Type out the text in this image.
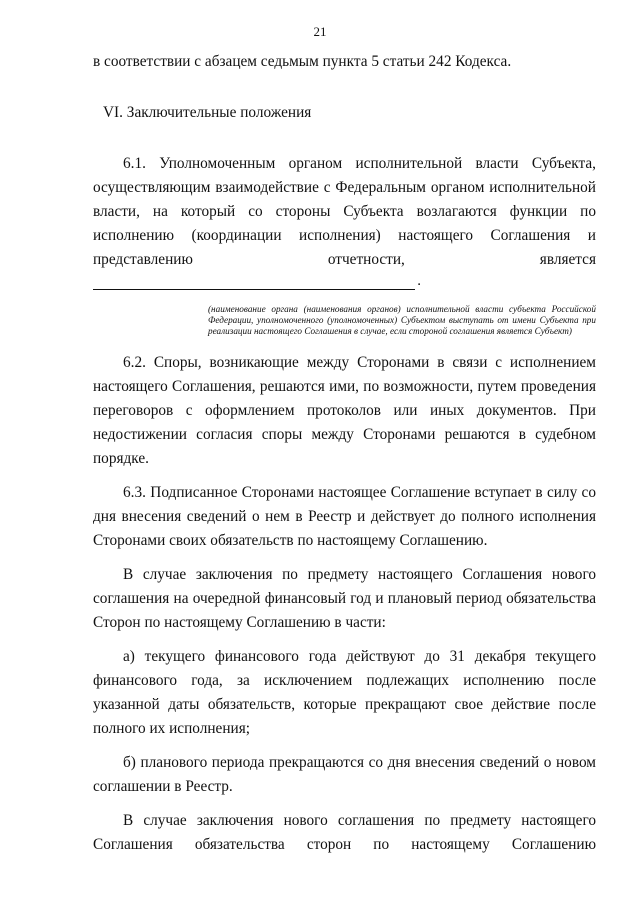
21

в соответствии с абзацем седьмым пункта 5 статьи 242 Кодекса.

VI. Заключительные положения

6.1. Уполномоченным органом исполнительной власти Субъекта, осуществляющим взаимодействие с Федеральным органом исполнительной власти, на который со стороны Субъекта возлагаются функции по исполнению (координации исполнения) настоящего Соглашения и представлению отчетности, является

.

(наименование органа (наименования органов) исполнительной власти субъекта Российской Федерации, уполномоченного (уполномоченных) Субъектом выступать от имени Субъекта при реализации настоящего Соглашения в случае, если стороной соглашения является Субъект)

6.2. Споры, возникающие между Сторонами в связи с исполнением настоящего Соглашения, решаются ими, по возможности, путем проведения переговоров с оформлением протоколов или иных документов. При недостижении согласия споры между Сторонами решаются в судебном порядке.

6.3. Подписанное Сторонами настоящее Соглашение вступает в силу со дня внесения сведений о нем в Реестр и действует до полного исполнения Сторонами своих обязательств по настоящему Соглашению.

В случае заключения по предмету настоящего Соглашения нового соглашения на очередной финансовый год и плановый период обязательства Сторон по настоящему Соглашению в части:

а) текущего финансового года действуют до 31 декабря текущего финансового года, за исключением подлежащих исполнению после указанной даты обязательств, которые прекращают свое действие после полного их исполнения;

б) планового периода прекращаются со дня внесения сведений о новом соглашении в Реестр.

В случае заключения нового соглашения по предмету настоящего Соглашения обязательства сторон по настоящему Соглашению
